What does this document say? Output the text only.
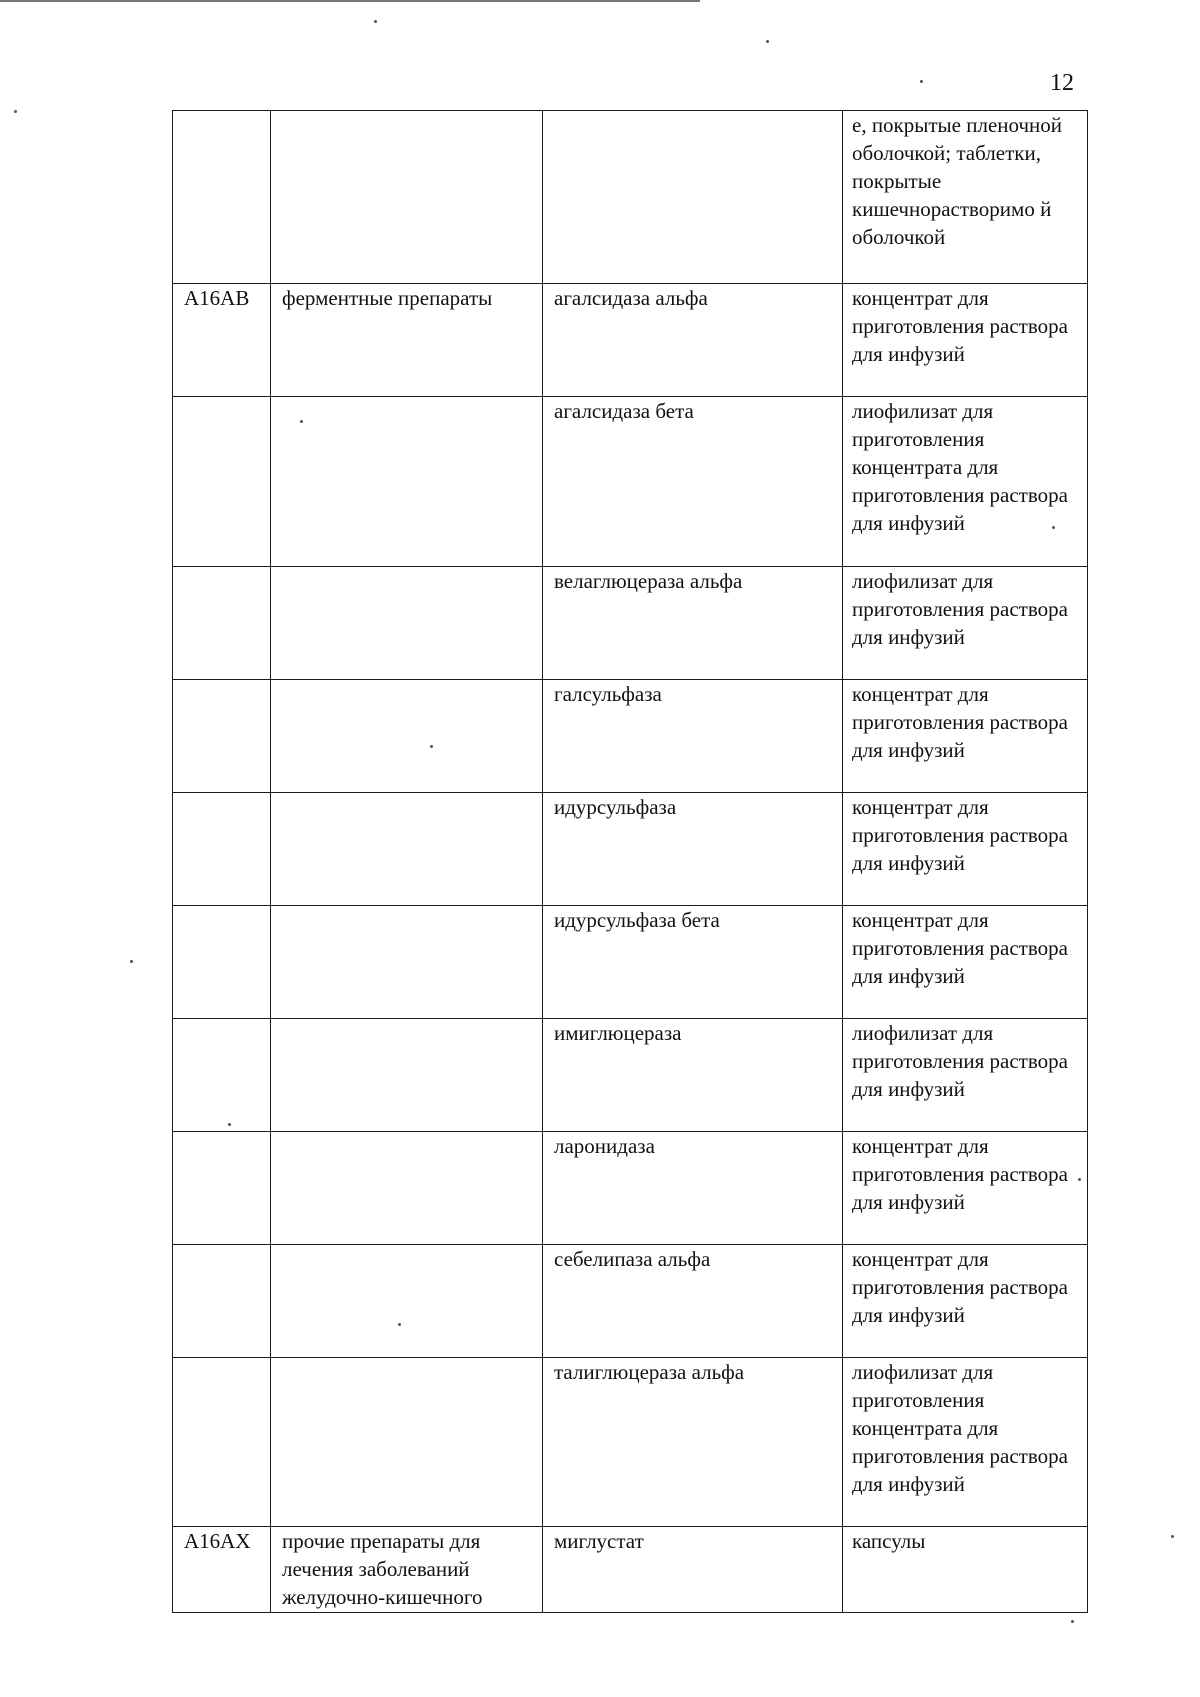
12
			е, покрытые пленочной оболочкой; таблетки, покрытые кишечнорастворимо й оболочкой
A16AB	ферментные препараты	агалсидаза альфа	концентрат для приготовления раствора для инфузий
		агалсидаза бета	лиофилизат для приготовления концентрата для приготовления раствора для инфузий
		велаглюцераза альфа	лиофилизат для приготовления раствора для инфузий
		галсульфаза	концентрат для приготовления раствора для инфузий
		идурсульфаза	концентрат для приготовления раствора для инфузий
		идурсульфаза бета	концентрат для приготовления раствора для инфузий
		имиглюцераза	лиофилизат для приготовления раствора для инфузий
		ларонидаза	концентрат для приготовления раствора для инфузий
		себелипаза альфа	концентрат для приготовления раствора для инфузий
		талиглюцераза альфа	лиофилизат для приготовления концентрата для приготовления раствора для инфузий
A16AX	прочие препараты для лечения заболеваний желудочно-кишечного	миглустат	капсулы
